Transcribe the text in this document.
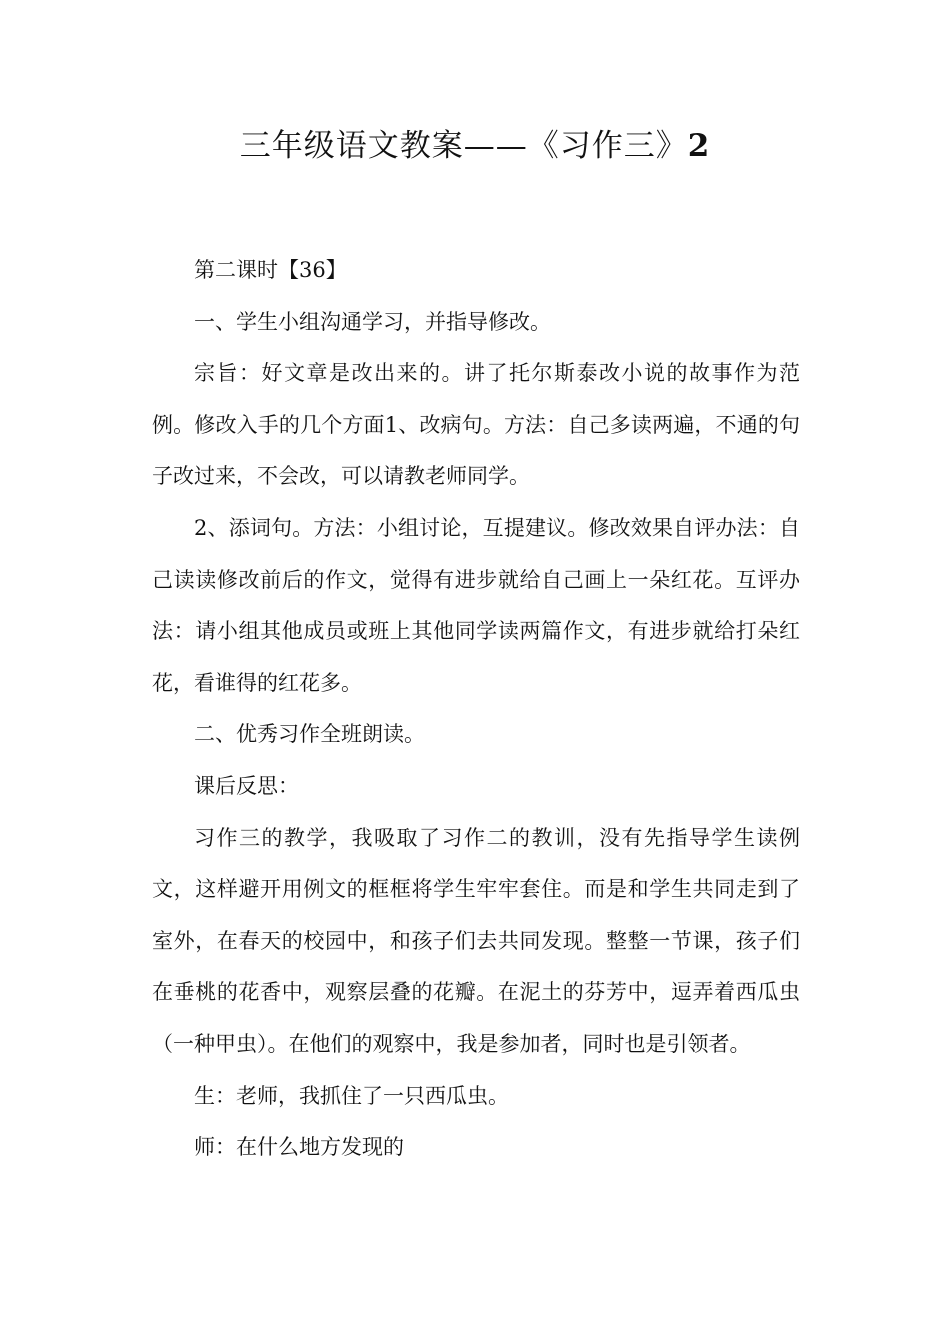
三年级语文教案——《习作三》2

第二课时【36】

一、学生小组沟通学习，并指导修改。

宗旨：好文章是改出来的。讲了托尔斯泰改小说的故事作为范例。修改入手的几个方面1、改病句。方法：自己多读两遍，不通的句子改过来，不会改，可以请教老师同学。

2、添词句。方法：小组讨论，互提建议。修改效果自评办法：自己读读修改前后的作文，觉得有进步就给自己画上一朵红花。互评办法：请小组其他成员或班上其他同学读两篇作文，有进步就给打朵红花，看谁得的红花多。

二、优秀习作全班朗读。

课后反思：

习作三的教学，我吸取了习作二的教训，没有先指导学生读例文，这样避开用例文的框框将学生牢牢套住。而是和学生共同走到了室外，在春天的校园中，和孩子们去共同发现。整整一节课，孩子们在垂桃的花香中，观察层叠的花瓣。在泥土的芬芳中，逗弄着西瓜虫（一种甲虫）。在他们的观察中，我是参加者，同时也是引领者。

生：老师，我抓住了一只西瓜虫。

师：在什么地方发现的
